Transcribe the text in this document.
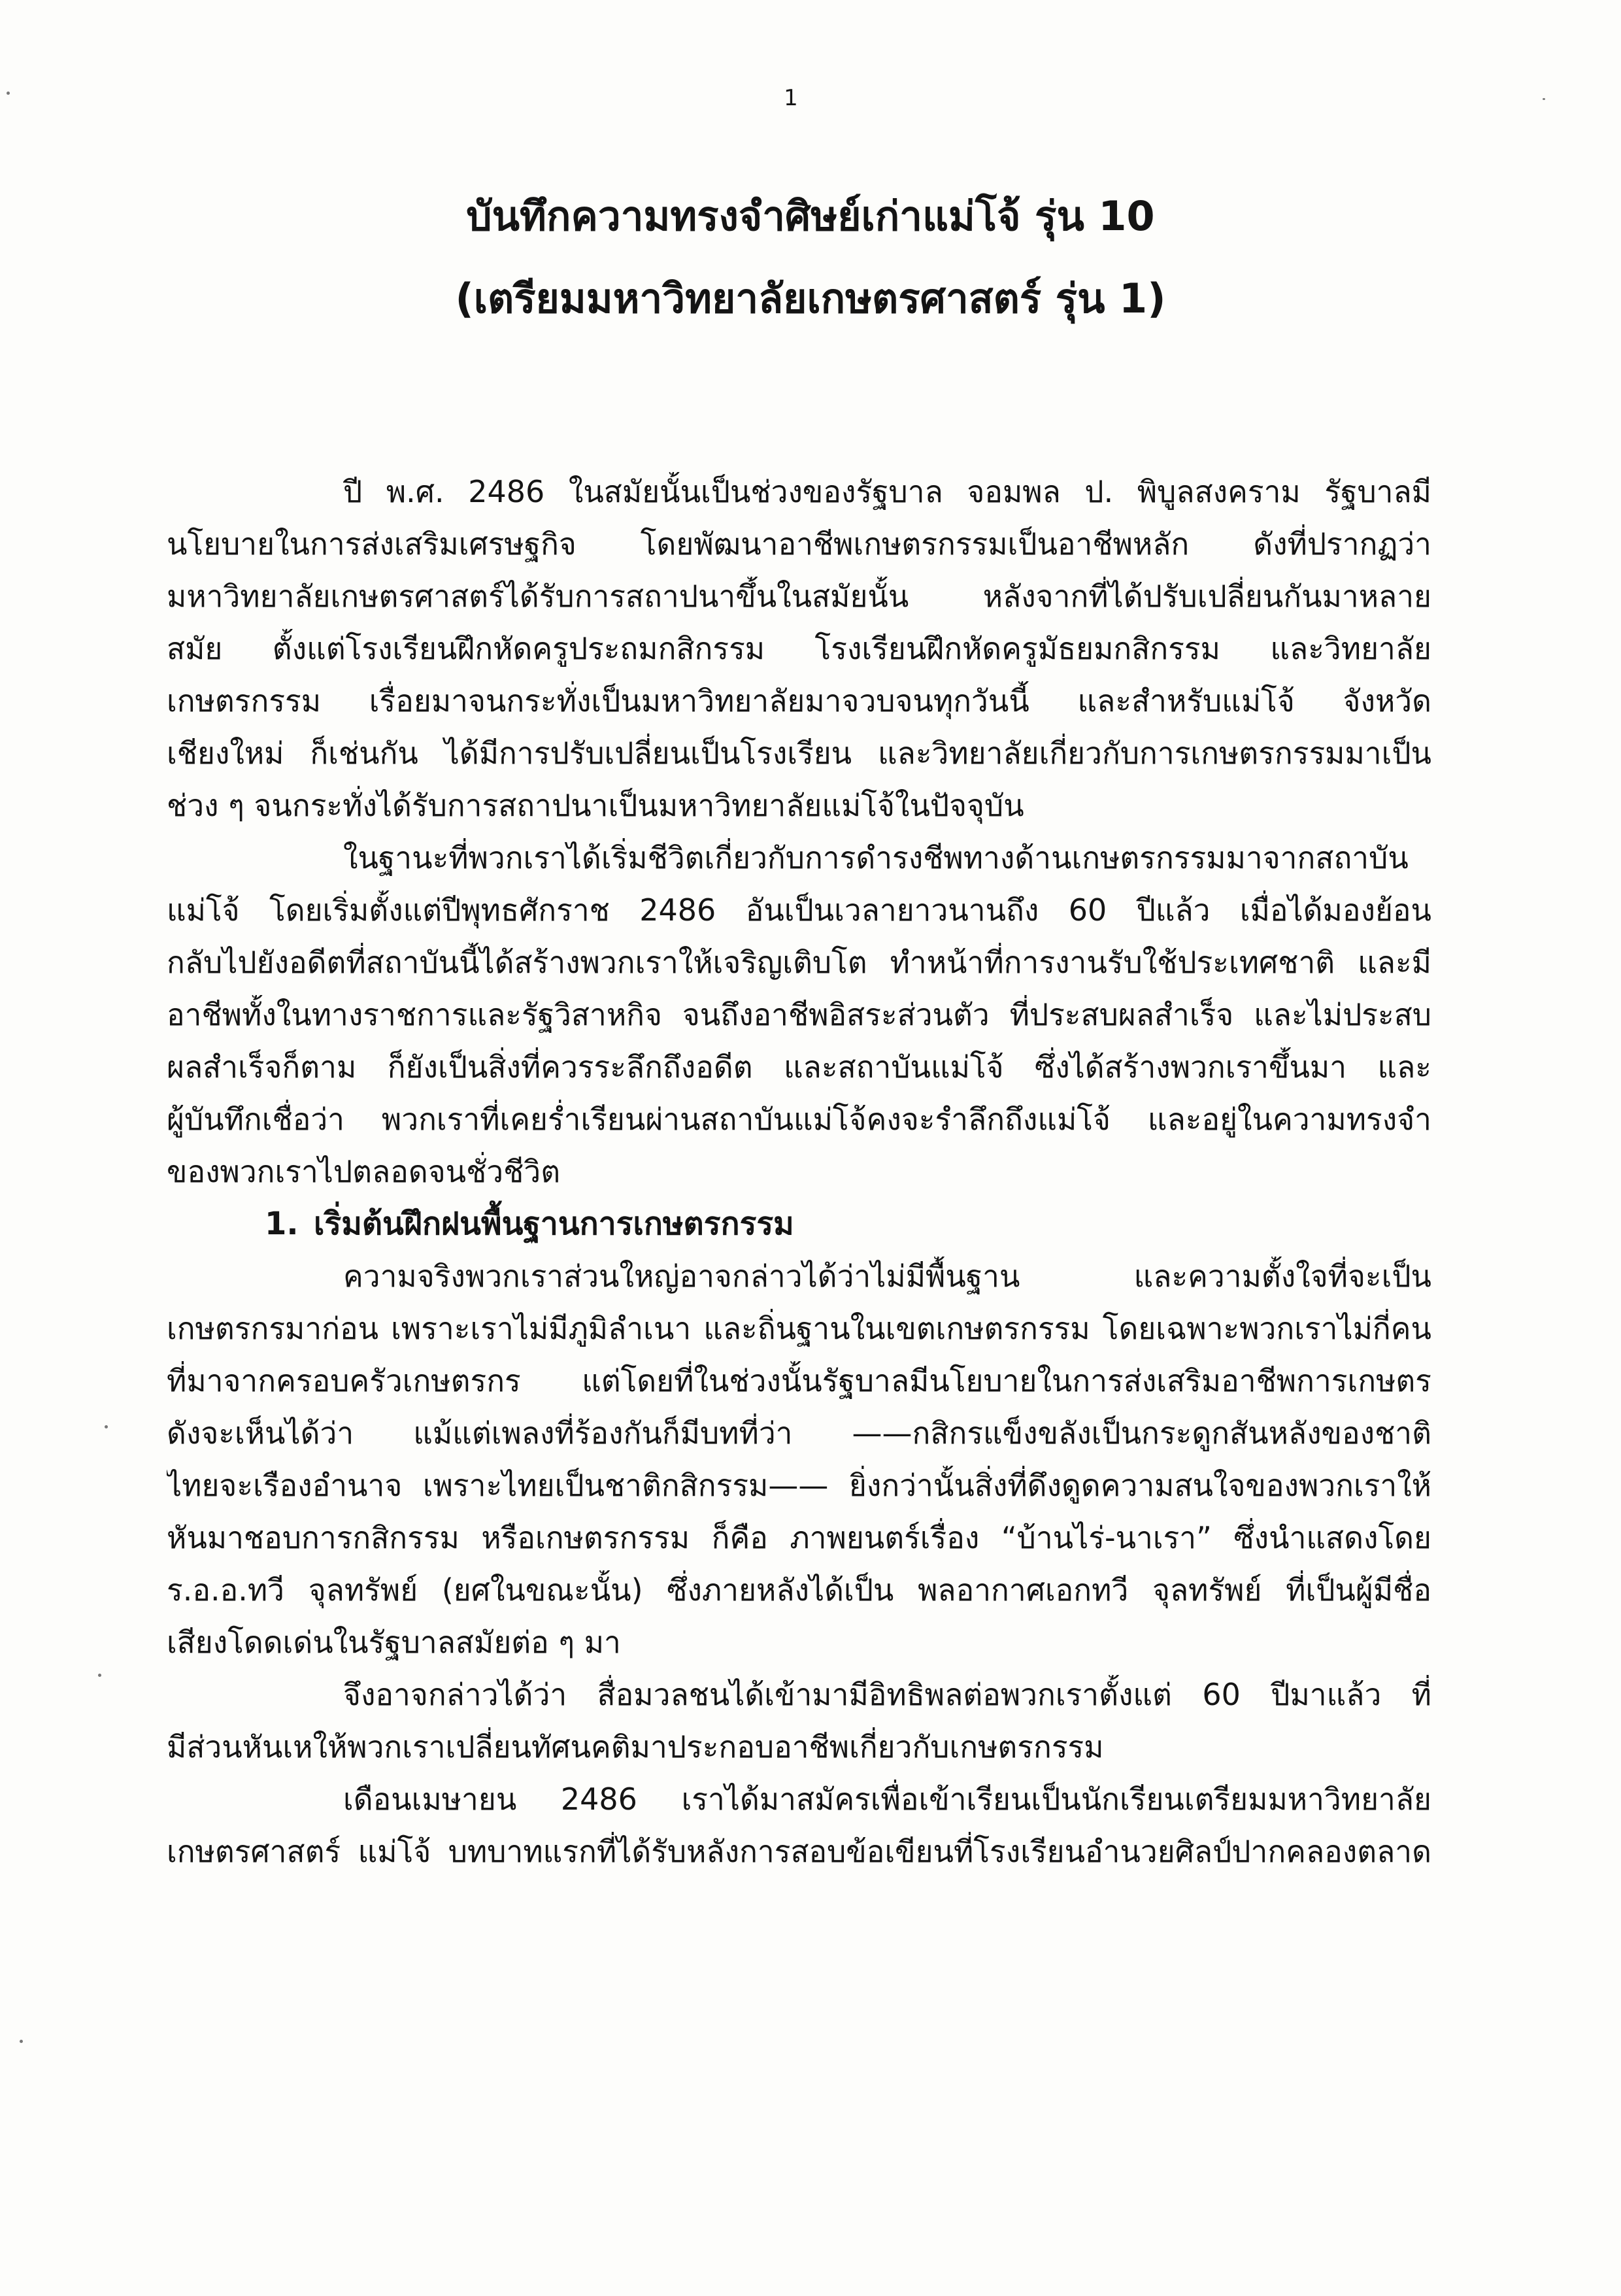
1
บันทึกความทรงจำศิษย์เก่าแม่โจ้ รุ่น 10
(เตรียมมหาวิทยาลัยเกษตรศาสตร์ รุ่น 1)
ปี พ.ศ. 2486 ในสมัยนั้นเป็นช่วงของรัฐบาล จอมพล ป. พิบูลสงคราม รัฐบาลมี
นโยบายในการส่งเสริมเศรษฐกิจ โดยพัฒนาอาชีพเกษตรกรรมเป็นอาชีพหลัก ดังที่ปรากฏว่า
มหาวิทยาลัยเกษตรศาสตร์ได้รับการสถาปนาขึ้นในสมัยนั้น หลังจากที่ได้ปรับเปลี่ยนกันมาหลาย
สมัย ตั้งแต่โรงเรียนฝึกหัดครูประถมกสิกรรม โรงเรียนฝึกหัดครูมัธยมกสิกรรม และวิทยาลัย
เกษตรกรรม เรื่อยมาจนกระทั่งเป็นมหาวิทยาลัยมาจวบจนทุกวันนี้ และสำหรับแม่โจ้ จังหวัด
เชียงใหม่ ก็เช่นกัน ได้มีการปรับเปลี่ยนเป็นโรงเรียน และวิทยาลัยเกี่ยวกับการเกษตรกรรมมาเป็น
ช่วง ๆ จนกระทั่งได้รับการสถาปนาเป็นมหาวิทยาลัยแม่โจ้ในปัจจุบัน
ในฐานะที่พวกเราได้เริ่มชีวิตเกี่ยวกับการดำรงชีพทางด้านเกษตรกรรมมาจากสถาบัน
แม่โจ้ โดยเริ่มตั้งแต่ปีพุทธศักราช 2486 อันเป็นเวลายาวนานถึง 60 ปีแล้ว เมื่อได้มองย้อน
กลับไปยังอดีตที่สถาบันนี้ได้สร้างพวกเราให้เจริญเติบโต ทำหน้าที่การงานรับใช้ประเทศชาติ และมี
อาชีพทั้งในทางราชการและรัฐวิสาหกิจ จนถึงอาชีพอิสระส่วนตัว ที่ประสบผลสำเร็จ และไม่ประสบ
ผลสำเร็จก็ตาม ก็ยังเป็นสิ่งที่ควรระลึกถึงอดีต และสถาบันแม่โจ้ ซึ่งได้สร้างพวกเราขึ้นมา และ
ผู้บันทึกเชื่อว่า พวกเราที่เคยร่ำเรียนผ่านสถาบันแม่โจ้คงจะรำลึกถึงแม่โจ้ และอยู่ในความทรงจำ
ของพวกเราไปตลอดจนชั่วชีวิต
1. เริ่มต้นฝึกฝนพื้นฐานการเกษตรกรรม
ความจริงพวกเราส่วนใหญ่อาจกล่าวได้ว่าไม่มีพื้นฐาน และความตั้งใจที่จะเป็น
เกษตรกรมาก่อน เพราะเราไม่มีภูมิลำเนา และถิ่นฐานในเขตเกษตรกรรม โดยเฉพาะพวกเราไม่กี่คน
ที่มาจากครอบครัวเกษตรกร แต่โดยที่ในช่วงนั้นรัฐบาลมีนโยบายในการส่งเสริมอาชีพการเกษตร
ดังจะเห็นได้ว่า แม้แต่เพลงที่ร้องกันก็มีบทที่ว่า ——กสิกรแข็งขลังเป็นกระดูกสันหลังของชาติ
ไทยจะเรืองอำนาจ เพราะไทยเป็นชาติกสิกรรม—— ยิ่งกว่านั้นสิ่งที่ดึงดูดความสนใจของพวกเราให้
หันมาชอบการกสิกรรม หรือเกษตรกรรม ก็คือ ภาพยนตร์เรื่อง “บ้านไร่-นาเรา” ซึ่งนำแสดงโดย
ร.อ.อ.ทวี จุลทรัพย์ (ยศในขณะนั้น) ซึ่งภายหลังได้เป็น พลอากาศเอกทวี จุลทรัพย์ ที่เป็นผู้มีชื่อ
เสียงโดดเด่นในรัฐบาลสมัยต่อ ๆ มา
จึงอาจกล่าวได้ว่า สื่อมวลชนได้เข้ามามีอิทธิพลต่อพวกเราตั้งแต่ 60 ปีมาแล้ว ที่
มีส่วนหันเหให้พวกเราเปลี่ยนทัศนคติมาประกอบอาชีพเกี่ยวกับเกษตรกรรม
เดือนเมษายน 2486 เราได้มาสมัครเพื่อเข้าเรียนเป็นนักเรียนเตรียมมหาวิทยาลัย
เกษตรศาสตร์ แม่โจ้ บทบาทแรกที่ได้รับหลังการสอบข้อเขียนที่โรงเรียนอำนวยศิลป์ปากคลองตลาด
